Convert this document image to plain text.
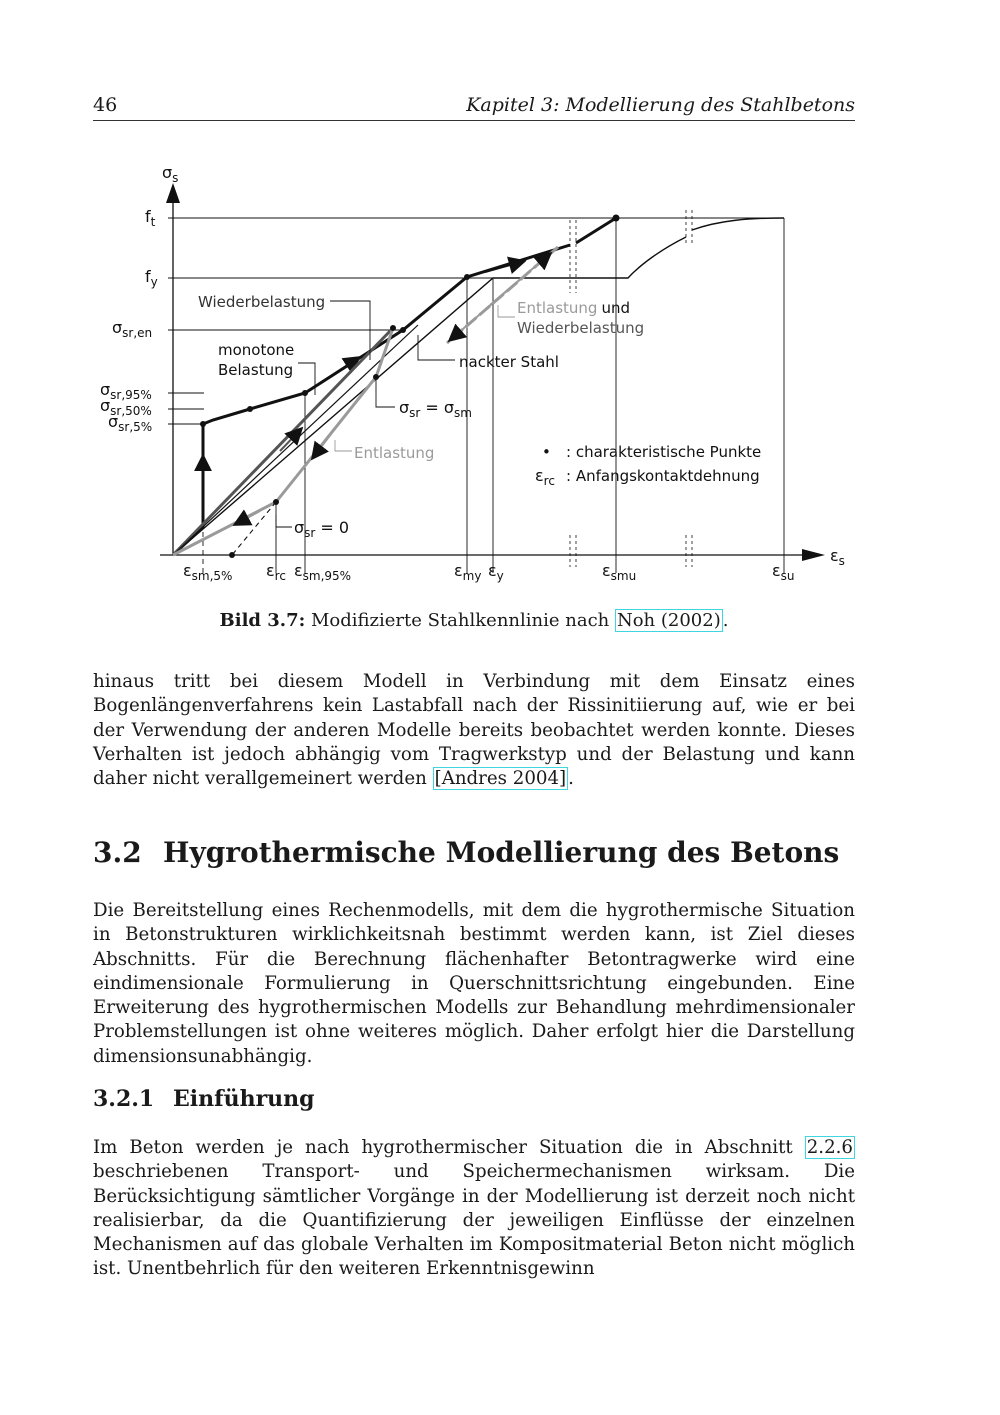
46	Kapitel 3: Modellierung des Stahlbetons
$\sigma_s$
$\varepsilon_s$
$f_t$
$f_y$
$\sigma_{sr,en}$
$\sigma_{sr,95\%}$
$\sigma_{sr,50\%}$
$\sigma_{sr,5\%}$
$\varepsilon_{sm,5\%}$ $\varepsilon_{rc}$ $\varepsilon_{sm,95\%}$	$\varepsilon_{my}$ $\varepsilon_y$	$\varepsilon_{smu}$	$\varepsilon_{su}$
Wiederbelastung
monotone
Belastung
Entlastung und
Wiederbelastung
nackter Stahl
$\sigma_{sr} = \sigma_{sm}$
Entlastung
$\sigma_{sr} = 0$
• : charakteristische Punkte
$\varepsilon_{rc}$ : Anfangskontaktdehnung
Bild 3.7: Modifizierte Stahlkennlinie nach Noh (2002) .

hinaus tritt bei diesem Modell in Verbindung mit dem Einsatz eines Bogenlängenverfahrens kein Lastabfall nach der Rissinitiierung auf, wie er bei der Verwendung der anderen Modelle bereits beobachtet werden konnte. Dieses Verhalten ist jedoch abhängig vom Tragwerkstyp und der Belastung und kann daher nicht verallgemeinert werden [Andres 2004] .

3.2 Hygrothermische Modellierung des Betons

Die Bereitstellung eines Rechenmodells, mit dem die hygrothermische Situation in Betonstrukturen wirklichkeitsnah bestimmt werden kann, ist Ziel dieses Abschnitts. Für die Berechnung flächenhafter Betontragwerke wird eine eindimensionale Formulierung in Querschnittsrichtung eingebunden. Eine Erweiterung des hygrothermischen Modells zur Behandlung mehrdimensionaler Problemstellungen ist ohne weiteres möglich. Daher erfolgt hier die Darstellung dimensionsunabhängig.

3.2.1 Einführung

Im Beton werden je nach hygrothermischer Situation die in Abschnitt 2.2.6 beschriebenen Transport- und Speichermechanismen wirksam. Die Berücksichtigung sämtlicher Vorgänge in der Modellierung ist derzeit noch nicht realisierbar, da die Quantifizierung der jeweiligen Einflüsse der einzelnen Mechanismen auf das globale Verhalten im Kompositmaterial Beton nicht möglich ist. Unentbehrlich für den weiteren Erkenntnisgewinn
